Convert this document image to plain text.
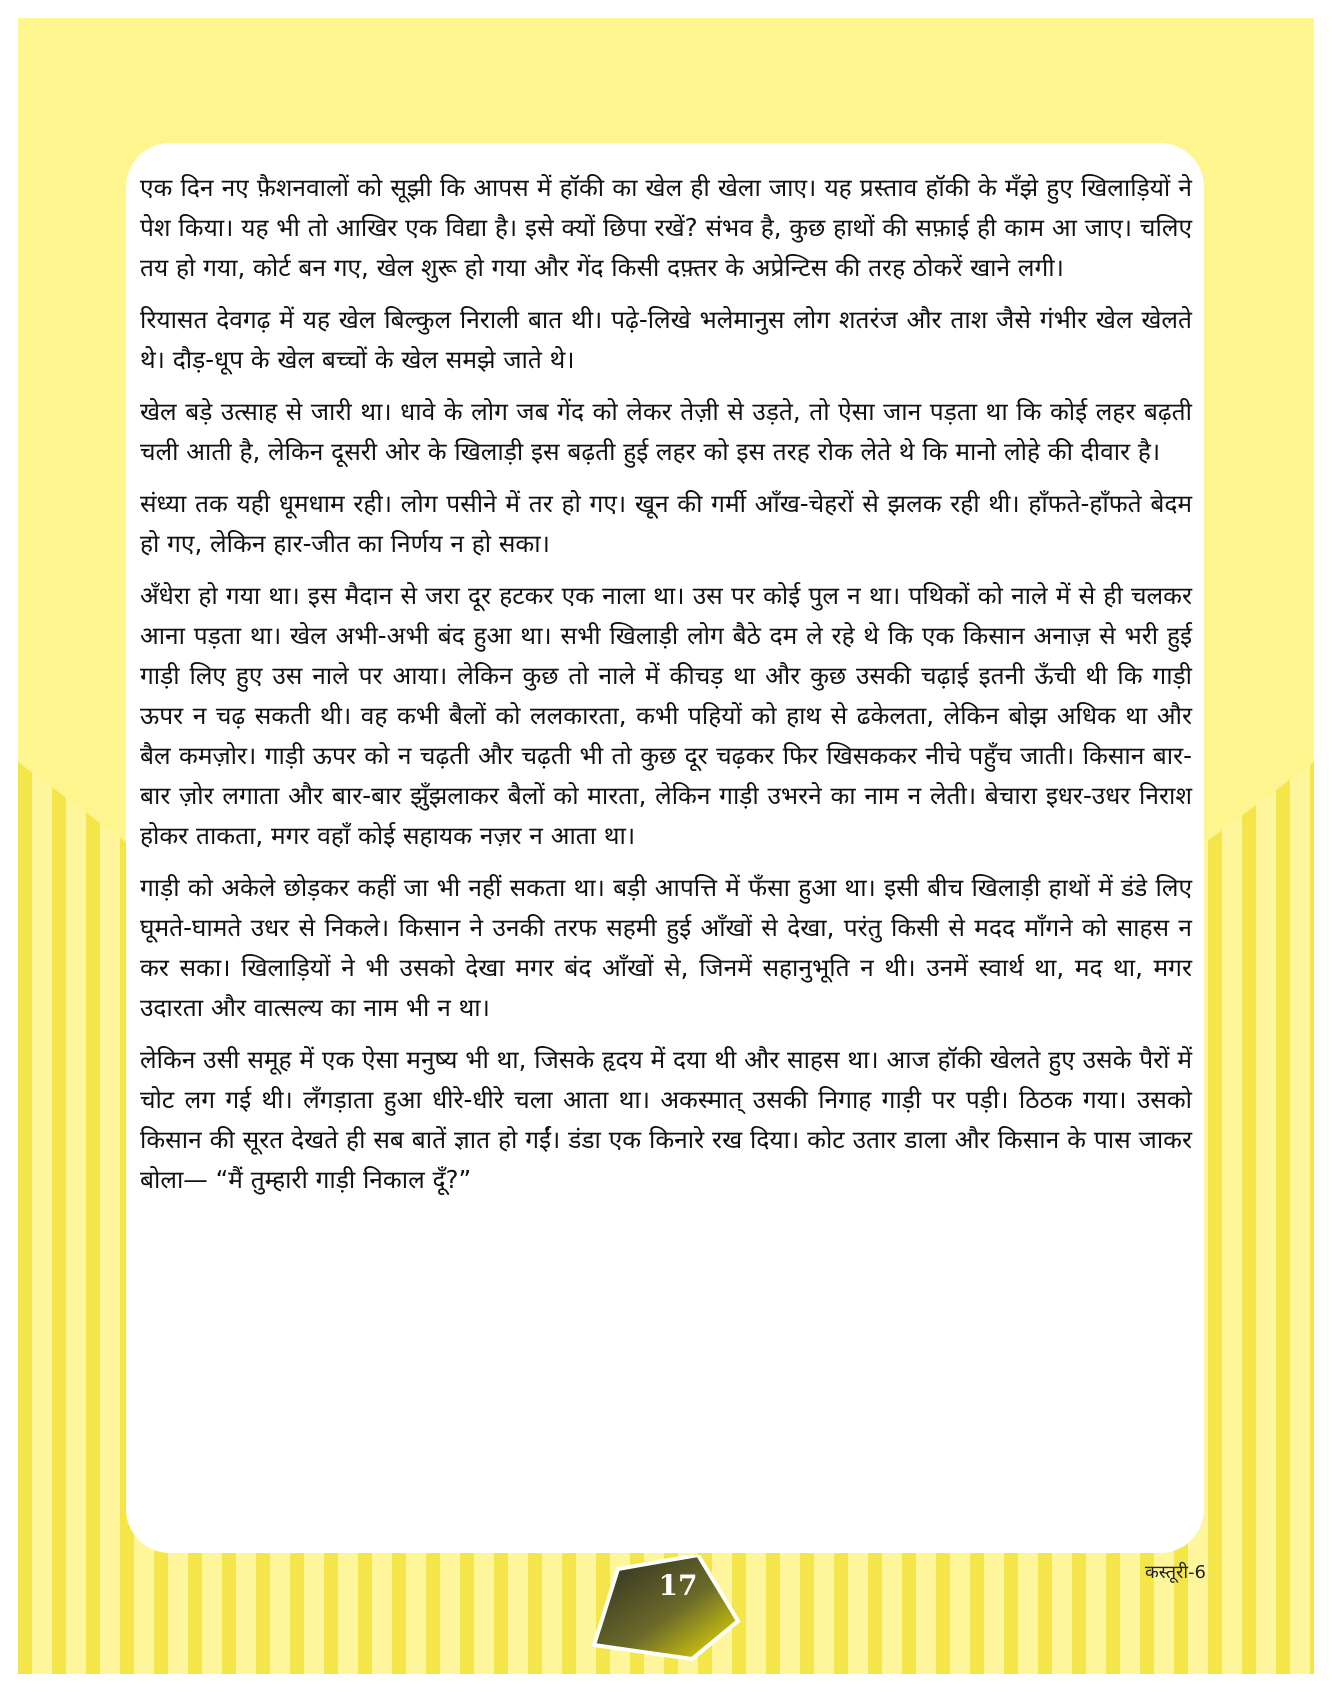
एक दिन नए फ़ैशनवालों को सूझी कि आपस में हॉकी का खेल ही खेला जाए। यह प्रस्ताव हॉकी के मँझे हुए खिलाड़ियों ने पेश किया। यह भी तो आखिर एक विद्या है। इसे क्यों छिपा रखें? संभव है, कुछ हाथों की सफ़ाई ही काम आ जाए। चलिए तय हो गया, कोर्ट बन गए, खेल शुरू हो गया और गेंद किसी दफ़्तर के अप्रेन्टिस की तरह ठोकरें खाने लगी।

रियासत देवगढ़ में यह खेल बिल्कुल निराली बात थी। पढ़े-लिखे भलेमानुस लोग शतरंज और ताश जैसे गंभीर खेल खेलते थे। दौड़-धूप के खेल बच्चों के खेल समझे जाते थे।

खेल बड़े उत्साह से जारी था। धावे के लोग जब गेंद को लेकर तेज़ी से उड़ते, तो ऐसा जान पड़ता था कि कोई लहर बढ़ती चली आती है, लेकिन दूसरी ओर के खिलाड़ी इस बढ़ती हुई लहर को इस तरह रोक लेते थे कि मानो लोहे की दीवार है।

संध्या तक यही धूमधाम रही। लोग पसीने में तर हो गए। खून की गर्मी आँख-चेहरों से झलक रही थी। हाँफते-हाँफते बेदम हो गए, लेकिन हार-जीत का निर्णय न हो सका।

अँधेरा हो गया था। इस मैदान से जरा दूर हटकर एक नाला था। उस पर कोई पुल न था। पथिकों को नाले में से ही चलकर आना पड़ता था। खेल अभी-अभी बंद हुआ था। सभी खिलाड़ी लोग बैठे दम ले रहे थे कि एक किसान अनाज़ से भरी हुई गाड़ी लिए हुए उस नाले पर आया। लेकिन कुछ तो नाले में कीचड़ था और कुछ उसकी चढ़ाई इतनी ऊँची थी कि गाड़ी ऊपर न चढ़ सकती थी। वह कभी बैलों को ललकारता, कभी पहियों को हाथ से ढकेलता, लेकिन बोझ अधिक था और बैल कमज़ोर। गाड़ी ऊपर को न चढ़ती और चढ़ती भी तो कुछ दूर चढ़कर फिर खिसककर नीचे पहुँच जाती। किसान बार-बार ज़ोर लगाता और बार-बार झुँझलाकर बैलों को मारता, लेकिन गाड़ी उभरने का नाम न लेती। बेचारा इधर-उधर निराश होकर ताकता, मगर वहाँ कोई सहायक नज़र न आता था।

गाड़ी को अकेले छोड़कर कहीं जा भी नहीं सकता था। बड़ी आपत्ति में फँसा हुआ था। इसी बीच खिलाड़ी हाथों में डंडे लिए घूमते-घामते उधर से निकले। किसान ने उनकी तरफ सहमी हुई आँखों से देखा, परंतु किसी से मदद माँगने को साहस न कर सका। खिलाड़ियों ने भी उसको देखा मगर बंद आँखों से, जिनमें सहानुभूति न थी। उनमें स्वार्थ था, मद था, मगर उदारता और वात्सल्य का नाम भी न था।

लेकिन उसी समूह में एक ऐसा मनुष्य भी था, जिसके हृदय में दया थी और साहस था। आज हॉकी खेलते हुए उसके पैरों में चोट लग गई थी। लँगड़ाता हुआ धीरे-धीरे चला आता था। अकस्मात् उसकी निगाह गाड़ी पर पड़ी। ठिठक गया। उसको किसान की सूरत देखते ही सब बातें ज्ञात हो गईं। डंडा एक किनारे रख दिया। कोट उतार डाला और किसान के पास जाकर बोला— “मैं तुम्हारी गाड़ी निकाल दूँ?”

17	कस्तूरी-6
